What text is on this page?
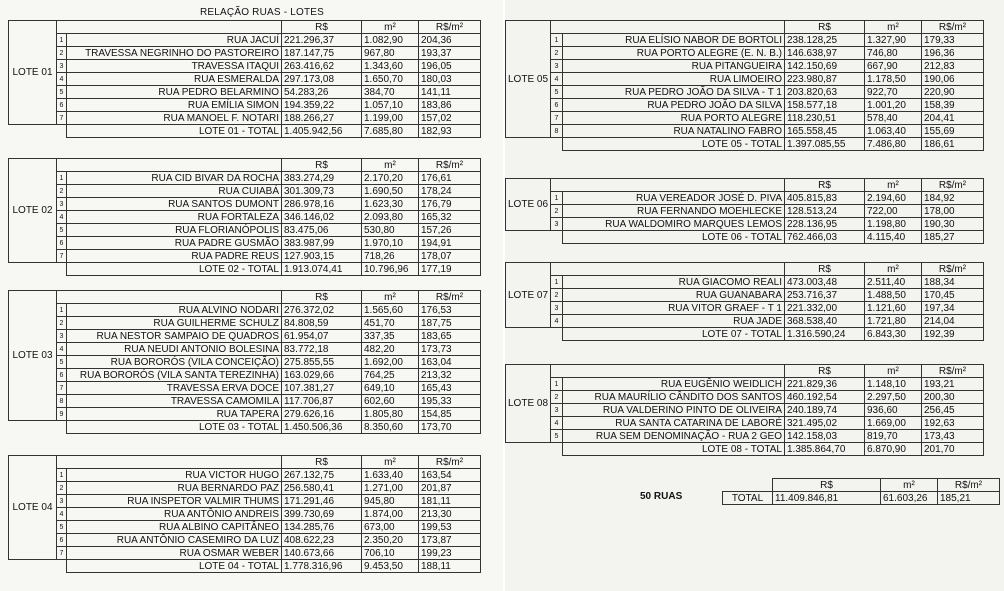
RELAÇÃO RUAS - LOTES
LOTE 01			R$	m²	R$/m²
	1	RUA JACUÍ	221.296,37	1.082,90	204,36
	2	TRAVESSA NEGRINHO DO PASTOREIRO	187.147,75	967,80	193,37
	3	TRAVESSA ITAQUI	263.416,62	1.343,60	196,05
	4	RUA ESMERALDA	297.173,08	1.650,70	180,03
	5	RUA PEDRO BELARMINO	54.283,26	384,70	141,11
	6	RUA EMÍLIA SIMON	194.359,22	1.057,10	183,86
	7	RUA MANOEL F. NOTARI	188.266,27	1.199,00	157,02
		LOTE 01 - TOTAL	1.405.942,56	7.685,80	182,93
LOTE 02			R$	m²	R$/m²
	1	RUA CID BIVAR DA ROCHA	383.274,29	2.170,20	176,61
	2	RUA CUIABÁ	301.309,73	1.690,50	178,24
	3	RUA SANTOS DUMONT	286.978,16	1.623,30	176,79
	4	RUA FORTALEZA	346.146,02	2.093,80	165,32
	5	RUA FLORIANÓPOLIS	83.475,06	530,80	157,26
	6	RUA PADRE GUSMÃO	383.987,99	1.970,10	194,91
	7	RUA PADRE REUS	127.903,15	718,26	178,07
		LOTE 02 - TOTAL	1.913.074,41	10.796,96	177,19
LOTE 03			R$	m²	R$/m²
	1	RUA ALVINO NODARI	276.372,02	1.565,60	176,53
	2	RUA GUILHERME SCHULZ	84.808,59	451,70	187,75
	3	RUA NESTOR SAMPAIO DE QUADROS	61.954,07	337,35	183,65
	4	RUA NEUDI ANTONIO BOLESINA	83.772,18	482,20	173,73
	5	RUA BORORÓS (VILA CONCEIÇÃO)	275.855,55	1.692,00	163,04
	6	RUA BORORÓS (VILA SANTA TEREZINHA)	163.029,66	764,25	213,32
	7	TRAVESSA ERVA DOCE	107.381,27	649,10	165,43
	8	TRAVESSA CAMOMILA	117.706,87	602,60	195,33
	9	RUA TAPERA	279.626,16	1.805,80	154,85
		LOTE 03 - TOTAL	1.450.506,36	8.350,60	173,70
LOTE 04			R$	m²	R$/m²
	1	RUA VICTOR HUGO	267.132,75	1.633,40	163,54
	2	RUA BERNARDO PAZ	256.580,41	1.271,00	201,87
	3	RUA INSPETOR VALMIR THUMS	171.291,46	945,80	181,11
	4	RUA ANTÔNIO ANDREIS	399.730,69	1.874,00	213,30
	5	RUA ALBINO CAPITÂNEO	134.285,76	673,00	199,53
	6	RUA ANTÔNIO CASEMIRO DA LUZ	408.622,23	2.350,20	173,87
	7	RUA OSMAR WEBER	140.673,66	706,10	199,23
		LOTE 04 - TOTAL	1.778.316,96	9.453,50	188,11
LOTE 05			R$	m²	R$/m²
	1	RUA ELÍSIO NABOR DE BORTOLI	238.128,25	1.327,90	179,33
	2	RUA PORTO ALEGRE (E. N. B.)	146.638,97	746,80	196,36
	3	RUA PITANGUEIRA	142.150,69	667,90	212,83
	4	RUA LIMOEIRO	223.980,87	1.178,50	190,06
	5	RUA PEDRO JOÃO DA SILVA - T 1	203.820,63	922,70	220,90
	6	RUA PEDRO JOÃO DA SILVA	158.577,18	1.001,20	158,39
	7	RUA PORTO ALEGRE	118.230,51	578,40	204,41
	8	RUA NATALINO FABRO	165.558,45	1.063,40	155,69
		LOTE 05 - TOTAL	1.397.085,55	7.486,80	186,61
LOTE 06			R$	m²	R$/m²
	1	RUA VEREADOR JOSÉ D. PIVA	405.815,83	2.194,60	184,92
	2	RUA FERNANDO MOEHLECKE	128.513,24	722,00	178,00
	3	RUA WALDOMIRO MARQUES LEMOS	228.136,95	1.198,80	190,30
		LOTE 06 - TOTAL	762.466,03	4.115,40	185,27
LOTE 07			R$	m²	R$/m²
	1	RUA GIACOMO REALI	473.003,48	2.511,40	188,34
	2	RUA GUANABARA	253.716,37	1.488,50	170,45
	3	RUA VITOR GRAEF - T 1	221.332,00	1.121,60	197,34
	4	RUA JADE	368.538,40	1.721,80	214,04
		LOTE 07 - TOTAL	1.316.590,24	6.843,30	192,39
LOTE 08			R$	m²	R$/m²
	1	RUA EUGÊNIO WEIDLICH	221.829,36	1.148,10	193,21
	2	RUA MAURÍLIO CÂNDITO DOS SANTOS	460.192,54	2.297,50	200,30
	3	RUA VALDERINO PINTO DE OLIVEIRA	240.189,74	936,60	256,45
	4	RUA SANTA CATARINA DE LABORÉ	321.495,02	1.669,00	192,63
	5	RUA SEM DENOMINAÇÃO - RUA 2 GEO	142.158,03	819,70	173,43
		LOTE 08 - TOTAL	1.385.864,70	6.870,90	201,70
50 RUAS
	R$	m²	R$/m²
TOTAL	11.409.846,81	61.603,26	185,21
